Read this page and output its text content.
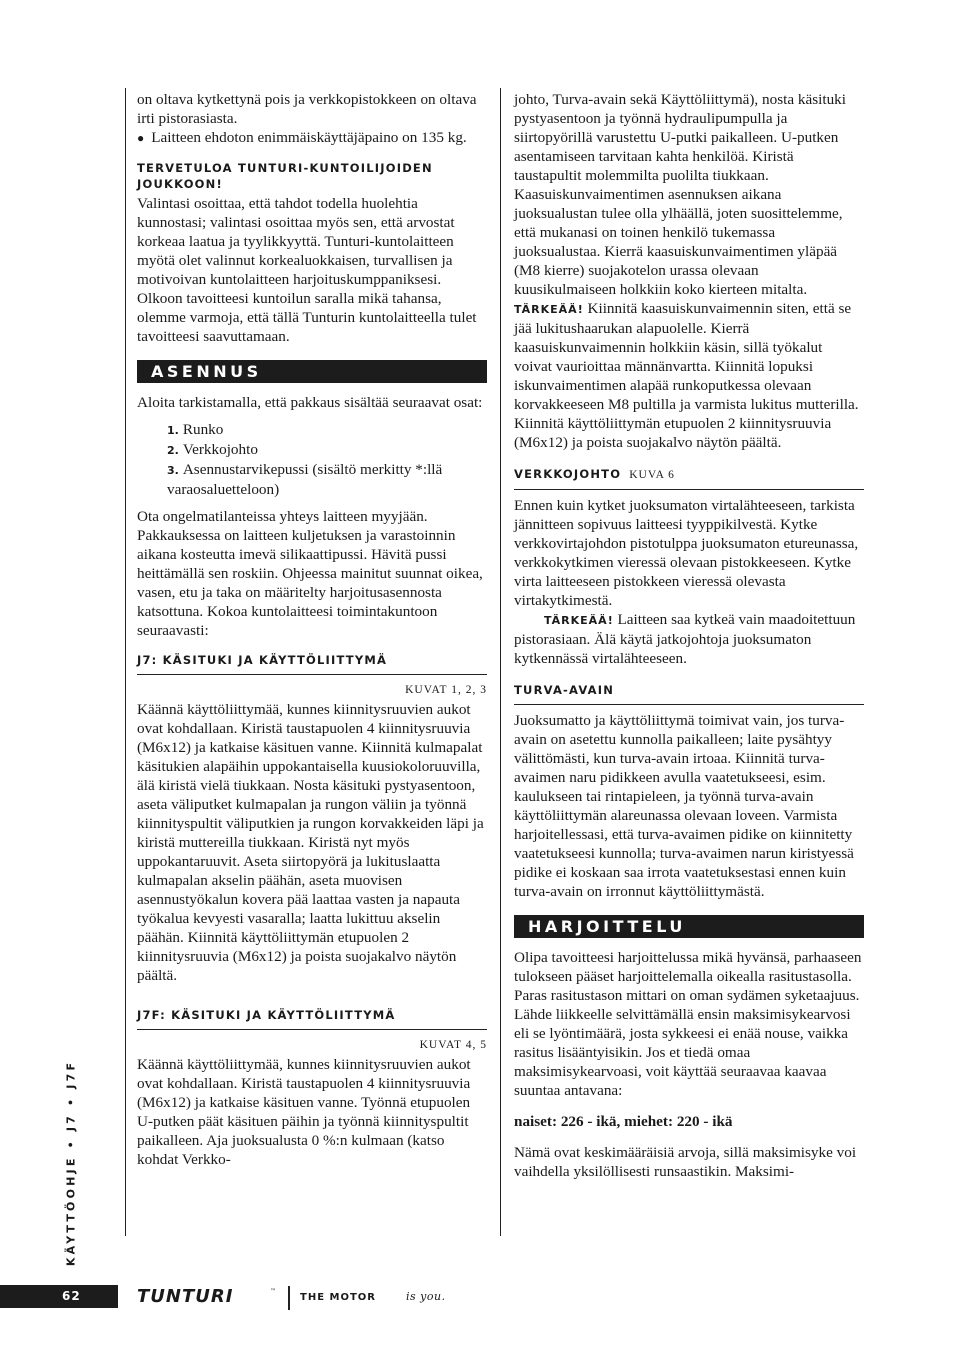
on oltava kytkettynä pois ja verkkopistokkeen on oltava irti pistorasiasta.

● Laitteen ehdoton enimmäiskäyttäjäpaino on 135 kg.

TERVETULOA TUNTURI-KUNTOILIJOIDEN JOUKKOON!

Valintasi osoittaa, että tahdot todella huolehtia kunnostasi; valintasi osoittaa myös sen, että arvostat korkeaa laatua ja tyylikkyyttä. Tunturi-kuntolaitteen myötä olet valinnut korkealuokkaisen, turvallisen ja motivoivan kuntolaitteen harjoituskumppaniksesi. Olkoon tavoitteesi kuntoilun saralla mikä tahansa, olemme varmoja, että tällä Tunturin kuntolaitteella tulet tavoitteesi saavuttamaan.

ASENNUS

Aloita tarkistamalla, että pakkaus sisältää seuraavat osat:

1. Runko
2. Verkkojohto
3. Asennustarvikepussi (sisältö merkitty *:llä varaosaluetteloon)

Ota ongelmatilanteissa yhteys laitteen myyjään. Pakkauksessa on laitteen kuljetuksen ja varastoinnin aikana kosteutta imevä silikaattipussi. Hävitä pussi heittämällä sen roskiin. Ohjeessa mainitut suunnat oikea, vasen, etu ja taka on määritelty harjoitusasennosta katsottuna. Kokoa kuntolaitteesi toimintakuntoon seuraavasti:

J7: KÄSITUKI JA KÄYTTÖLIITTYMÄ

KUVAT 1, 2, 3

Käännä käyttöliittymää, kunnes kiinnitysruuvien aukot ovat kohdallaan. Kiristä taustapuolen 4 kiinnitysruuvia (M6x12) ja katkaise käsituen vanne. Kiinnitä kulmapalat käsitukien alapäihin uppokantaisella kuusiokoloruuvilla, älä kiristä vielä tiukkaan. Nosta käsituki pystyasentoon, aseta väliputket kulmapalan ja rungon väliin ja työnnä kiinnityspultit väliputkien ja rungon korvakkeiden läpi ja kiristä muttereilla tiukkaan. Kiristä nyt myös uppokantaruuvit. Aseta siirtopyörä ja lukituslaatta kulmapalan akselin päähän, aseta muovisen asennustyökalun kovera pää laattaa vasten ja napauta työkalua kevyesti vasaralla; laatta lukittuu akselin päähän. Kiinnitä käyttöliittymän etupuolen 2 kiinnitysruuvia (M6x12) ja poista suojakalvo näytön päältä.

J7F: KÄSITUKI JA KÄYTTÖLIITTYMÄ

KUVAT 4, 5

Käännä käyttöliittymää, kunnes kiinnitysruuvien aukot ovat kohdallaan. Kiristä taustapuolen 4 kiinnitysruuvia (M6x12) ja katkaise käsituen vanne. Työnnä etupuolen U-putken päät käsituen päihin ja työnnä kiinnityspultit paikalleen. Aja juoksualusta 0 %:n kulmaan (katso kohdat Verkko-

johto, Turva-avain sekä Käyttöliittymä), nosta käsituki pystyasentoon ja työnnä hydraulipumpulla ja siirtopyörillä varustettu U-putki paikalleen. U-putken asentamiseen tarvitaan kahta henkilöä. Kiristä taustapultit molemmilta puolilta tiukkaan. Kaasuiskunvaimentimen asennuksen aikana juoksualustan tulee olla ylhäällä, joten suosittelemme, että mukanasi on toinen henkilö tukemassa juoksualustaa. Kierrä kaasuiskunvaimentimen yläpää (M8 kierre) suojakotelon urassa olevaan kuusikulmaiseen holkkiin koko kierteen mitalta. TÄRKEÄÄ! Kiinnitä kaasuiskunvaimennin siten, että se jää lukitushaarukan alapuolelle. Kierrä kaasuiskunvaimennin holkkiin käsin, sillä työkalut voivat vaurioittaa männänvartta. Kiinnitä lopuksi iskunvaimentimen alapää runkoputkessa olevaan korvakkeeseen M8 pultilla ja varmista lukitus mutterilla. Kiinnitä käyttöliittymän etupuolen 2 kiinnitysruuvia (M6x12) ja poista suojakalvo näytön päältä.

VERKKOJOHTO KUVA 6

Ennen kuin kytket juoksumaton virtalähteeseen, tarkista jännitteen sopivuus laitteesi tyyppikilvestä. Kytke verkkovirtajohdon pistotulppa juoksumaton etureunassa, verkkokytkimen vieressä olevaan pistokkeeseen. Kytke virta laitteeseen pistokkeen vieressä olevasta virtakytkimestä.

TÄRKEÄÄ! Laitteen saa kytkeä vain maadoitettuun pistorasiaan. Älä käytä jatkojohtoja juoksumaton kytkennässä virtalähteeseen.

TURVA-AVAIN

Juoksumatto ja käyttöliittymä toimivat vain, jos turva-avain on asetettu kunnolla paikalleen; laite pysähtyy välittömästi, kun turva-avain irtoaa. Kiinnitä turva-avaimen naru pidikkeen avulla vaatetukseesi, esim. kaulukseen tai rintapieleen, ja työnnä turva-avain käyttöliittymän alareunassa olevaan loveen. Varmista harjoitellessasi, että turva-avaimen pidike on kiinnitetty vaatetukseesi kunnolla; turva-avaimen narun kiristyessä pidike ei koskaan saa irrota vaatetuksestasi ennen kuin turva-avain on irronnut käyttöliittymästä.

HARJOITTELU

Olipa tavoitteesi harjoittelussa mikä hyvänsä, parhaaseen tulokseen pääset harjoittelemalla oikealla rasitustasolla. Paras rasitustason mittari on oman sydämen syketaajuus. Lähde liikkeelle selvittämällä ensin maksimisykearvosi eli se lyöntimäärä, josta sykkeesi ei enää nouse, vaikka rasitus lisääntyisikin. Jos et tiedä omaa maksimisykearvoasi, voit käyttää seuraavaa kaavaa suuntaa antavana:

naiset: 226 - ikä, miehet: 220 - ikä

Nämä ovat keskimääräisiä arvoja, sillä maksimisyke voi vaihdella yksilöllisesti runsaastikin. Maksimi-

KÄYTTÖOHJE • J7 • J7F
62	TUNTURI	™
THE MOTOR	is you.
